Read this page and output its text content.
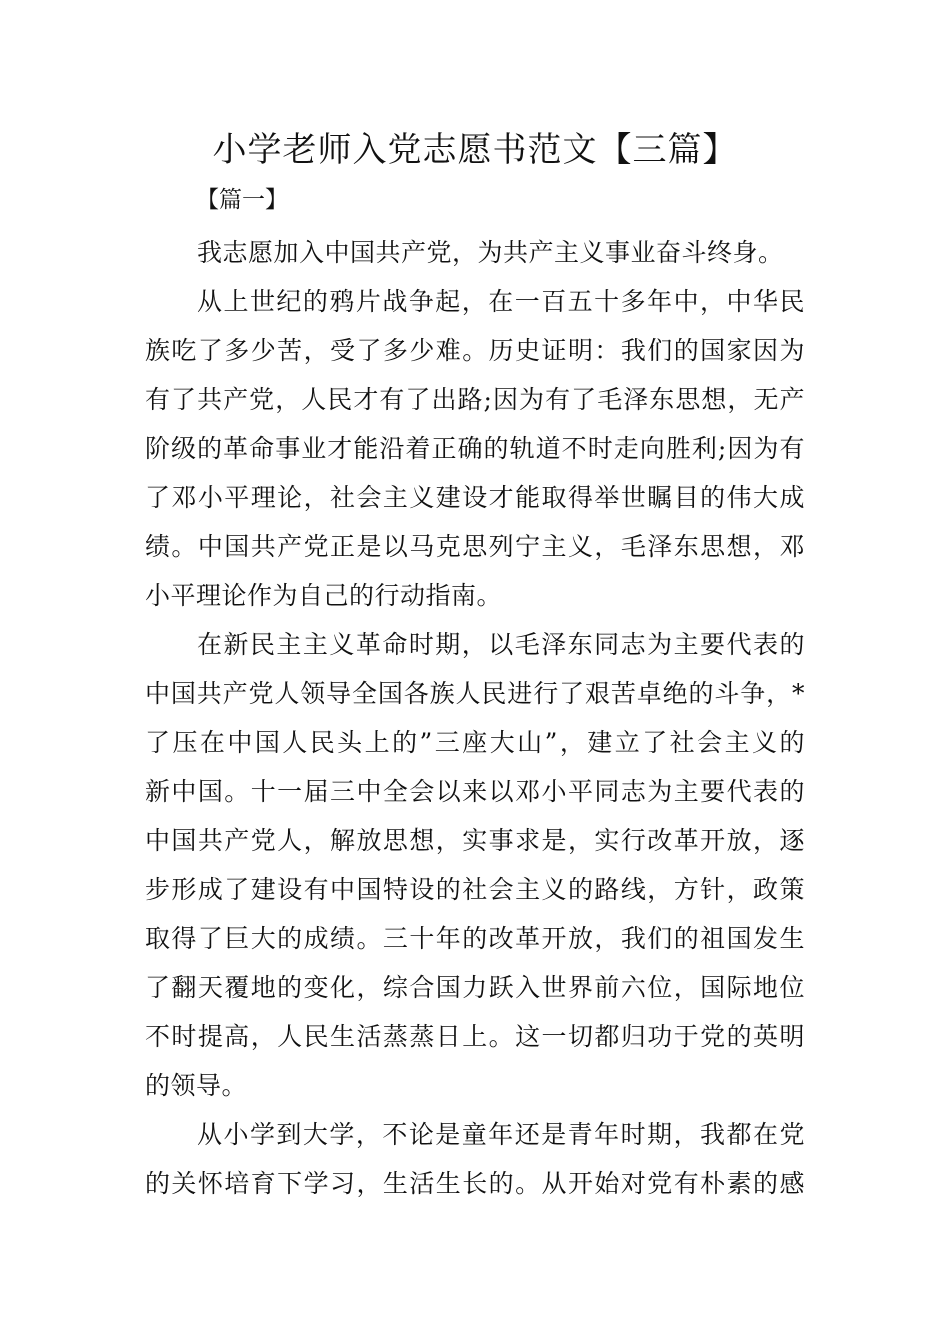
小学老师入党志愿书范文【三篇】
【篇一】

我志愿加入中国共产党，为共产主义事业奋斗终身。

从上世纪的鸦片战争起，在一百五十多年中，中华民
族吃了多少苦，受了多少难。历史证明：我们的国家因为
有了共产党，人民才有了出路;因为有了毛泽东思想，无产
阶级的革命事业才能沿着正确的轨道不时走向胜利;因为有
了邓小平理论，社会主义建设才能取得举世瞩目的伟大成
绩。中国共产党正是以马克思列宁主义，毛泽东思想，邓
小平理论作为自己的行动指南。

在新民主主义革命时期，以毛泽东同志为主要代表的
中国共产党人领导全国各族人民进行了艰苦卓绝的斗争，*
了压在中国人民头上的”三座大山”，建立了社会主义的
新中国。十一届三中全会以来以邓小平同志为主要代表的
中国共产党人，解放思想，实事求是，实行改革开放，逐
步形成了建设有中国特设的社会主义的路线，方针，政策
取得了巨大的成绩。三十年的改革开放，我们的祖国发生
了翻天覆地的变化，综合国力跃入世界前六位，国际地位
不时提高，人民生活蒸蒸日上。这一切都归功于党的英明
的领导。

从小学到大学，不论是童年还是青年时期，我都在党
的关怀培育下学习，生活生长的。从开始对党有朴素的感
